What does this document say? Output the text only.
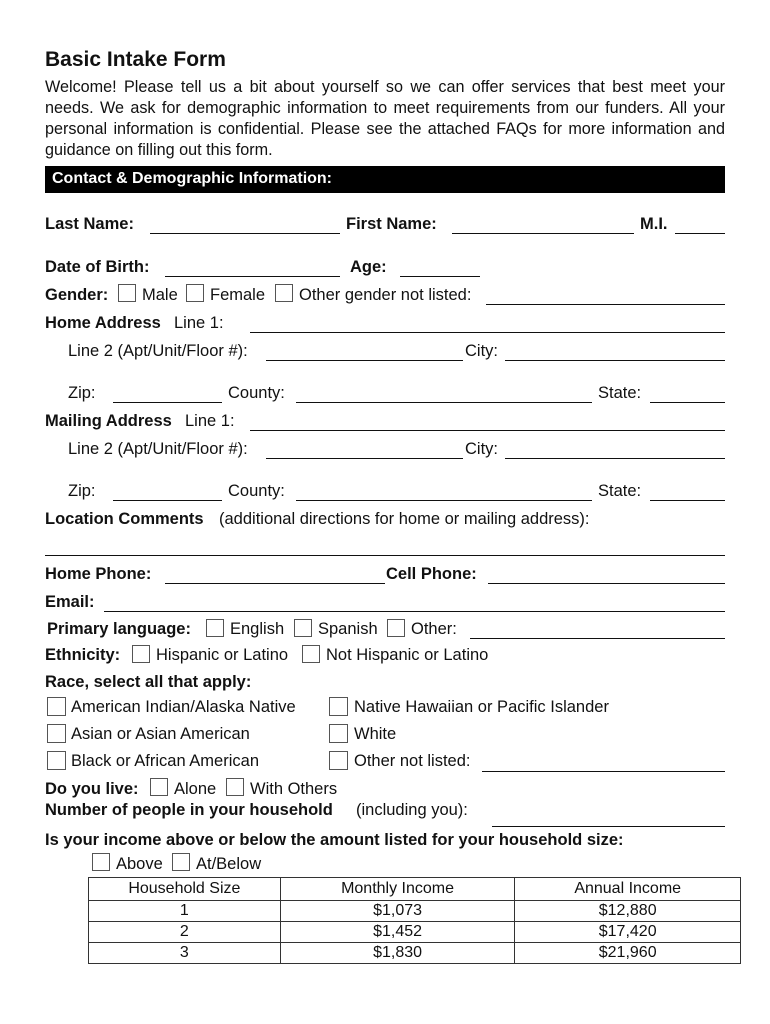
Basic Intake Form
Welcome! Please tell us a bit about yourself so we can offer services that best meet your needs. We ask for demographic information to meet requirements from our funders. All your personal information is confidential. Please see the attached FAQs for more information and guidance on filling out this form.
Contact & Demographic Information:
Last Name:	First Name:	M.I.
Date of Birth:	Age:
Gender: Male Female Other gender not listed:
Home Address Line 1:
Line 2 (Apt/Unit/Floor #):	City:
Zip:	County:	State:
Mailing Address Line 1:
Line 2 (Apt/Unit/Floor #):	City:
Zip:	County:	State:
Location Comments (additional directions for home or mailing address):
Home Phone:	Cell Phone:
Email:
Primary language: English Spanish Other:
Ethnicity: Hispanic or Latino Not Hispanic or Latino
Race, select all that apply:
American Indian/Alaska Native	Native Hawaiian or Pacific Islander
Asian or Asian American	White
Black or African American	Other not listed:
Do you live: Alone With Others
Number of people in your household (including you):
Is your income above or below the amount listed for your household size:
Above At/Below
Household Size	Monthly Income	Annual Income
1	$1,073	$12,880
2	$1,452	$17,420
3	$1,830	$21,960
